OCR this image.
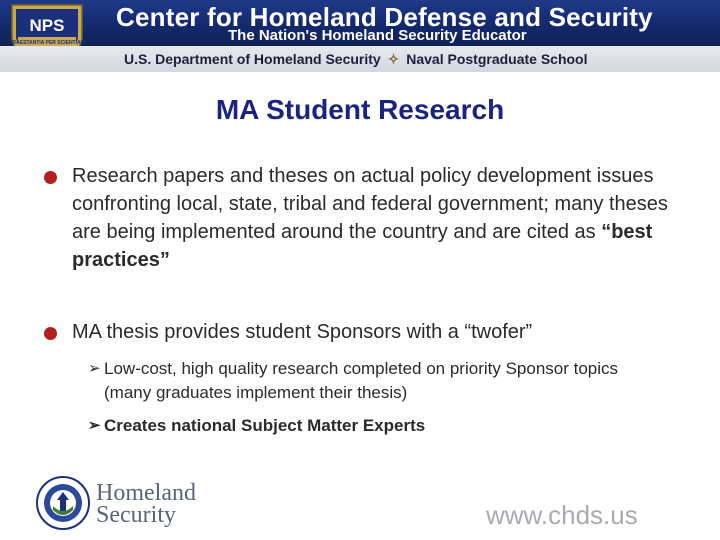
NPS
PRAESTANTIA PER SCIENTIAM
Center for Homeland Defense and Security
The Nation's Homeland Security Educator
U.S. Department of Homeland Security ✧ Naval Postgraduate School
MA Student Research
Research papers and theses on actual policy development issues confronting local, state, tribal and federal government; many theses are being implemented around the country and are cited as “best practices”
MA thesis provides student Sponsors with a “twofer”
➢ Low-cost, high quality research completed on priority Sponsor topics (many graduates implement their thesis)
➢ Creates national Subject Matter Experts
Homeland
Security	www.chds.us
